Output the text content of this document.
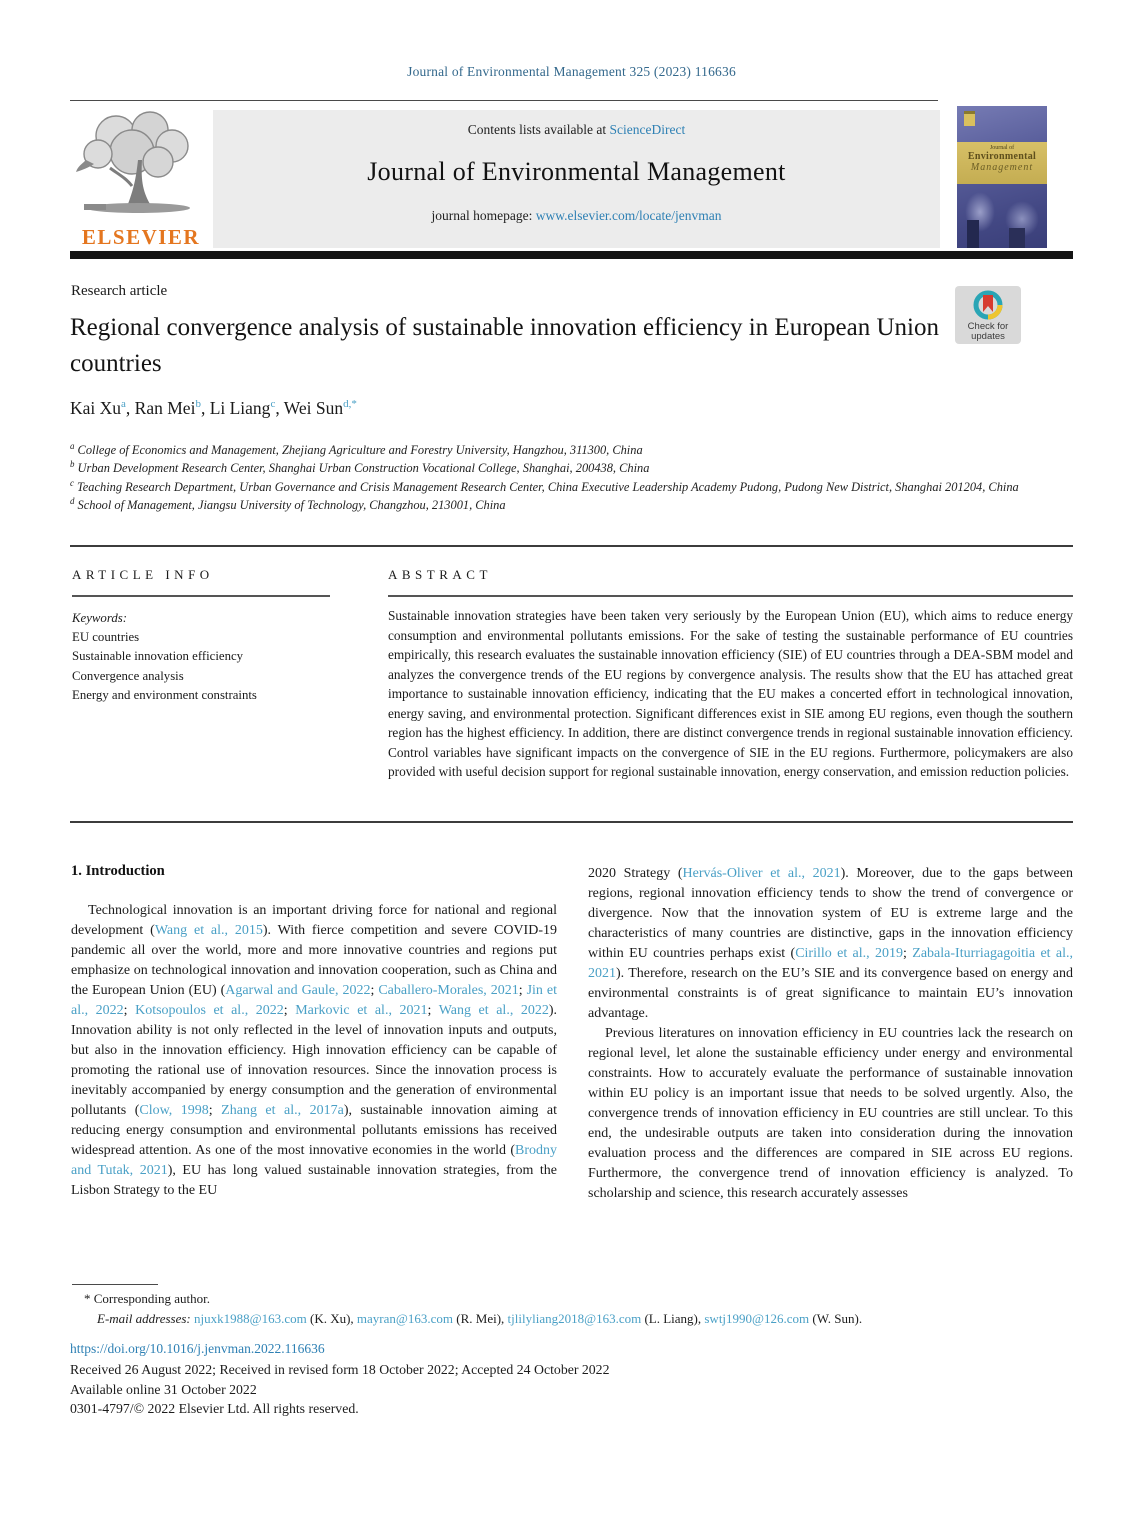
Journal of Environmental Management 325 (2023) 116636
ELSEVIER
Contents lists available at ScienceDirect
Journal of Environmental Management
journal homepage: www.elsevier.com/locate/jenvman
Journal of
Environmental
Management
Research article
Regional convergence analysis of sustainable innovation efficiency in European Union countries
Check for
updates
Kai Xu$^a$, Ran Mei$^b$, Li Liang$^c$, Wei Sun$^{d,*}$
$^a$ College of Economics and Management, Zhejiang Agriculture and Forestry University, Hangzhou, 311300, China
$^b$ Urban Development Research Center, Shanghai Urban Construction Vocational College, Shanghai, 200438, China
$^c$ Teaching Research Department, Urban Governance and Crisis Management Research Center, China Executive Leadership Academy Pudong, Pudong New District, Shanghai 201204, China
$^d$ School of Management, Jiangsu University of Technology, Changzhou, 213001, China
ARTICLE INFO	ABSTRACT
Keywords:
EU countries
Sustainable innovation efficiency
Convergence analysis
Energy and environment constraints
Sustainable innovation strategies have been taken very seriously by the European Union (EU), which aims to reduce energy consumption and environmental pollutants emissions. For the sake of testing the sustainable performance of EU countries empirically, this research evaluates the sustainable innovation efficiency (SIE) of EU countries through a DEA-SBM model and analyzes the convergence trends of the EU regions by convergence analysis. The results show that the EU has attached great importance to sustainable innovation efficiency, indicating that the EU makes a concerted effort in technological innovation, energy saving, and environmental protection. Significant differences exist in SIE among EU regions, even though the southern region has the highest efficiency. In addition, there are distinct convergence trends in regional sustainable innovation efficiency. Control variables have significant impacts on the convergence of SIE in the EU regions. Furthermore, policymakers are also provided with useful decision support for regional sustainable innovation, energy conservation, and emission reduction policies.
1. Introduction

Technological innovation is an important driving force for national and regional development (Wang et al., 2015). With fierce competition and severe COVID-19 pandemic all over the world, more and more innovative countries and regions put emphasize on technological innovation and innovation cooperation, such as China and the European Union (EU) (Agarwal and Gaule, 2022; Caballero-Morales, 2021; Jin et al., 2022; Kotsopoulos et al., 2022; Markovic et al., 2021; Wang et al., 2022). Innovation ability is not only reflected in the level of innovation inputs and outputs, but also in the innovation efficiency. High innovation efficiency can be capable of promoting the rational use of innovation resources. Since the innovation process is inevitably accompanied by energy consumption and the generation of environmental pollutants (Clow, 1998; Zhang et al., 2017a), sustainable innovation aiming at reducing energy consumption and environmental pollutants emissions has received widespread attention. As one of the most innovative economies in the world (Brodny and Tutak, 2021), EU has long valued sustainable innovation strategies, from the Lisbon Strategy to the EU

2020 Strategy (Hervás-Oliver et al., 2021). Moreover, due to the gaps between regions, regional innovation efficiency tends to show the trend of convergence or divergence. Now that the innovation system of EU is extreme large and the characteristics of many countries are distinctive, gaps in the innovation efficiency within EU countries perhaps exist (Cirillo et al., 2019; Zabala-Iturriagagoitia et al., 2021). Therefore, research on the EU’s SIE and its convergence based on energy and environmental constraints is of great significance to maintain EU’s innovation advantage.

Previous literatures on innovation efficiency in EU countries lack the research on regional level, let alone the sustainable efficiency under energy and environmental constraints. How to accurately evaluate the performance of sustainable innovation within EU policy is an important issue that needs to be solved urgently. Also, the convergence trends of innovation efficiency in EU countries are still unclear. To this end, the undesirable outputs are taken into consideration during the innovation evaluation process and the differences are compared in SIE across EU regions. Furthermore, the convergence trend of innovation efficiency is analyzed. To scholarship and science, this research accurately assesses

* Corresponding author.
E-mail addresses: njuxk1988@163.com (K. Xu), mayran@163.com (R. Mei), tjlilyliang2018@163.com (L. Liang), swtj1990@126.com (W. Sun).
https://doi.org/10.1016/j.jenvman.2022.116636
Received 26 August 2022; Received in revised form 18 October 2022; Accepted 24 October 2022
Available online 31 October 2022
0301-4797/© 2022 Elsevier Ltd. All rights reserved.
